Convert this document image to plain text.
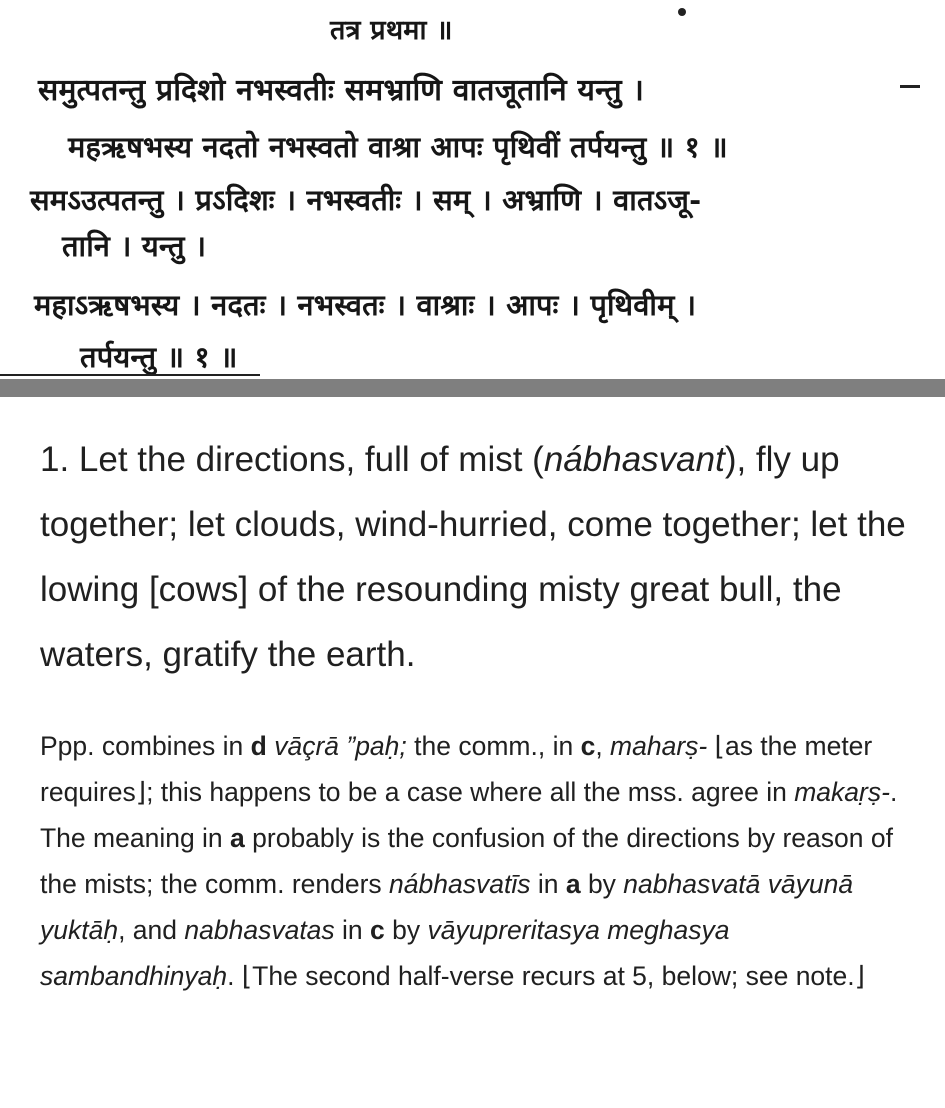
तत्र प्रथमा ॥
समुत्पतन्तु प्रदिशो नभस्वतीः समभ्राणि वातजूतानि यन्तु ।
महऋषभस्य नदतो नभस्वतो वाश्रा आपः पृथिवीं तर्पयन्तु ॥ १ ॥
समऽउत्पतन्तु । प्रऽदिशः । नभस्वतीः । सम् । अभ्राणि । वातऽजू-
तानि । यन्तु ।
महाऽऋषभस्य । नदतः । नभस्वतः । वाश्राः । आपः । पृथिवीम् ।
तर्पयन्तु ॥ १ ॥

1. Let the directions, full of mist (nábhasvant), fly up together; let clouds, wind-hurried, come together; let the lowing [cows] of the resounding misty great bull, the waters, gratify the earth.

Ppp. combines in d vāçrā ”paḥ; the comm., in c, maharṣ- ⌊as the meter requires⌋; this happens to be a case where all the mss. agree in makaṛṣ-. The meaning in a probably is the confusion of the directions by reason of the mists; the comm. renders nábhasvatīs in a by nabhasvatā vāyunā yuktāḥ, and nabhasvatas in c by vāyupreritasya meghasya sambandhinyaḥ. ⌊The second half-verse recurs at 5, below; see note.⌋
